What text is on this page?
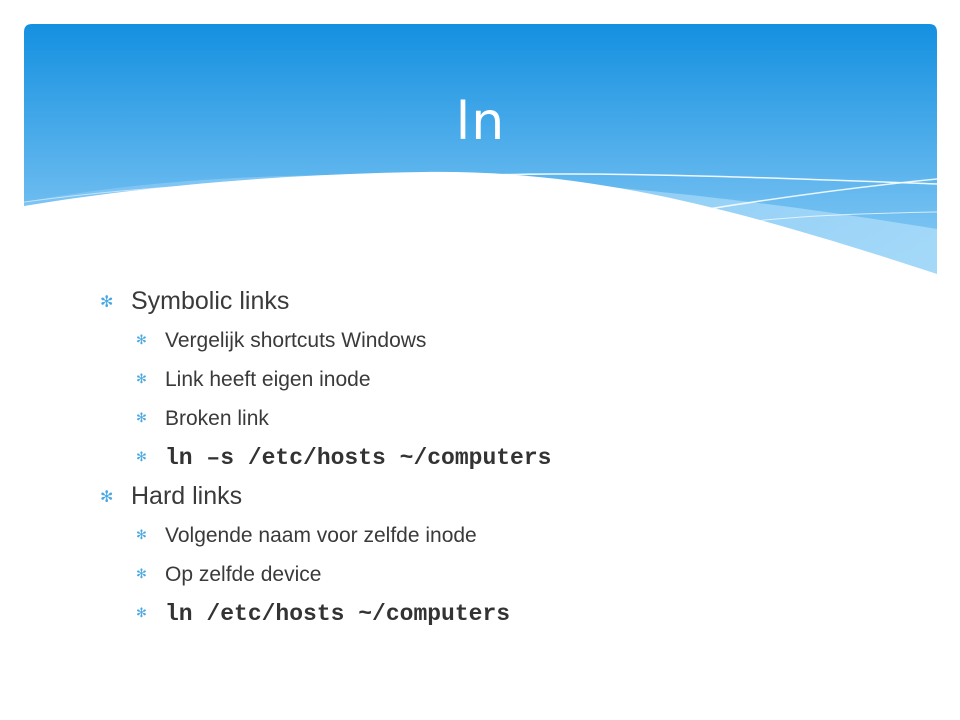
ln
✻ Symbolic links
✻ Vergelijk shortcuts Windows
✻ Link heeft eigen inode
✻ Broken link
✻ ln –s /etc/hosts ~/computers
✻ Hard links
✻ Volgende naam voor zelfde inode
✻ Op zelfde device
✻ ln /etc/hosts ~/computers
